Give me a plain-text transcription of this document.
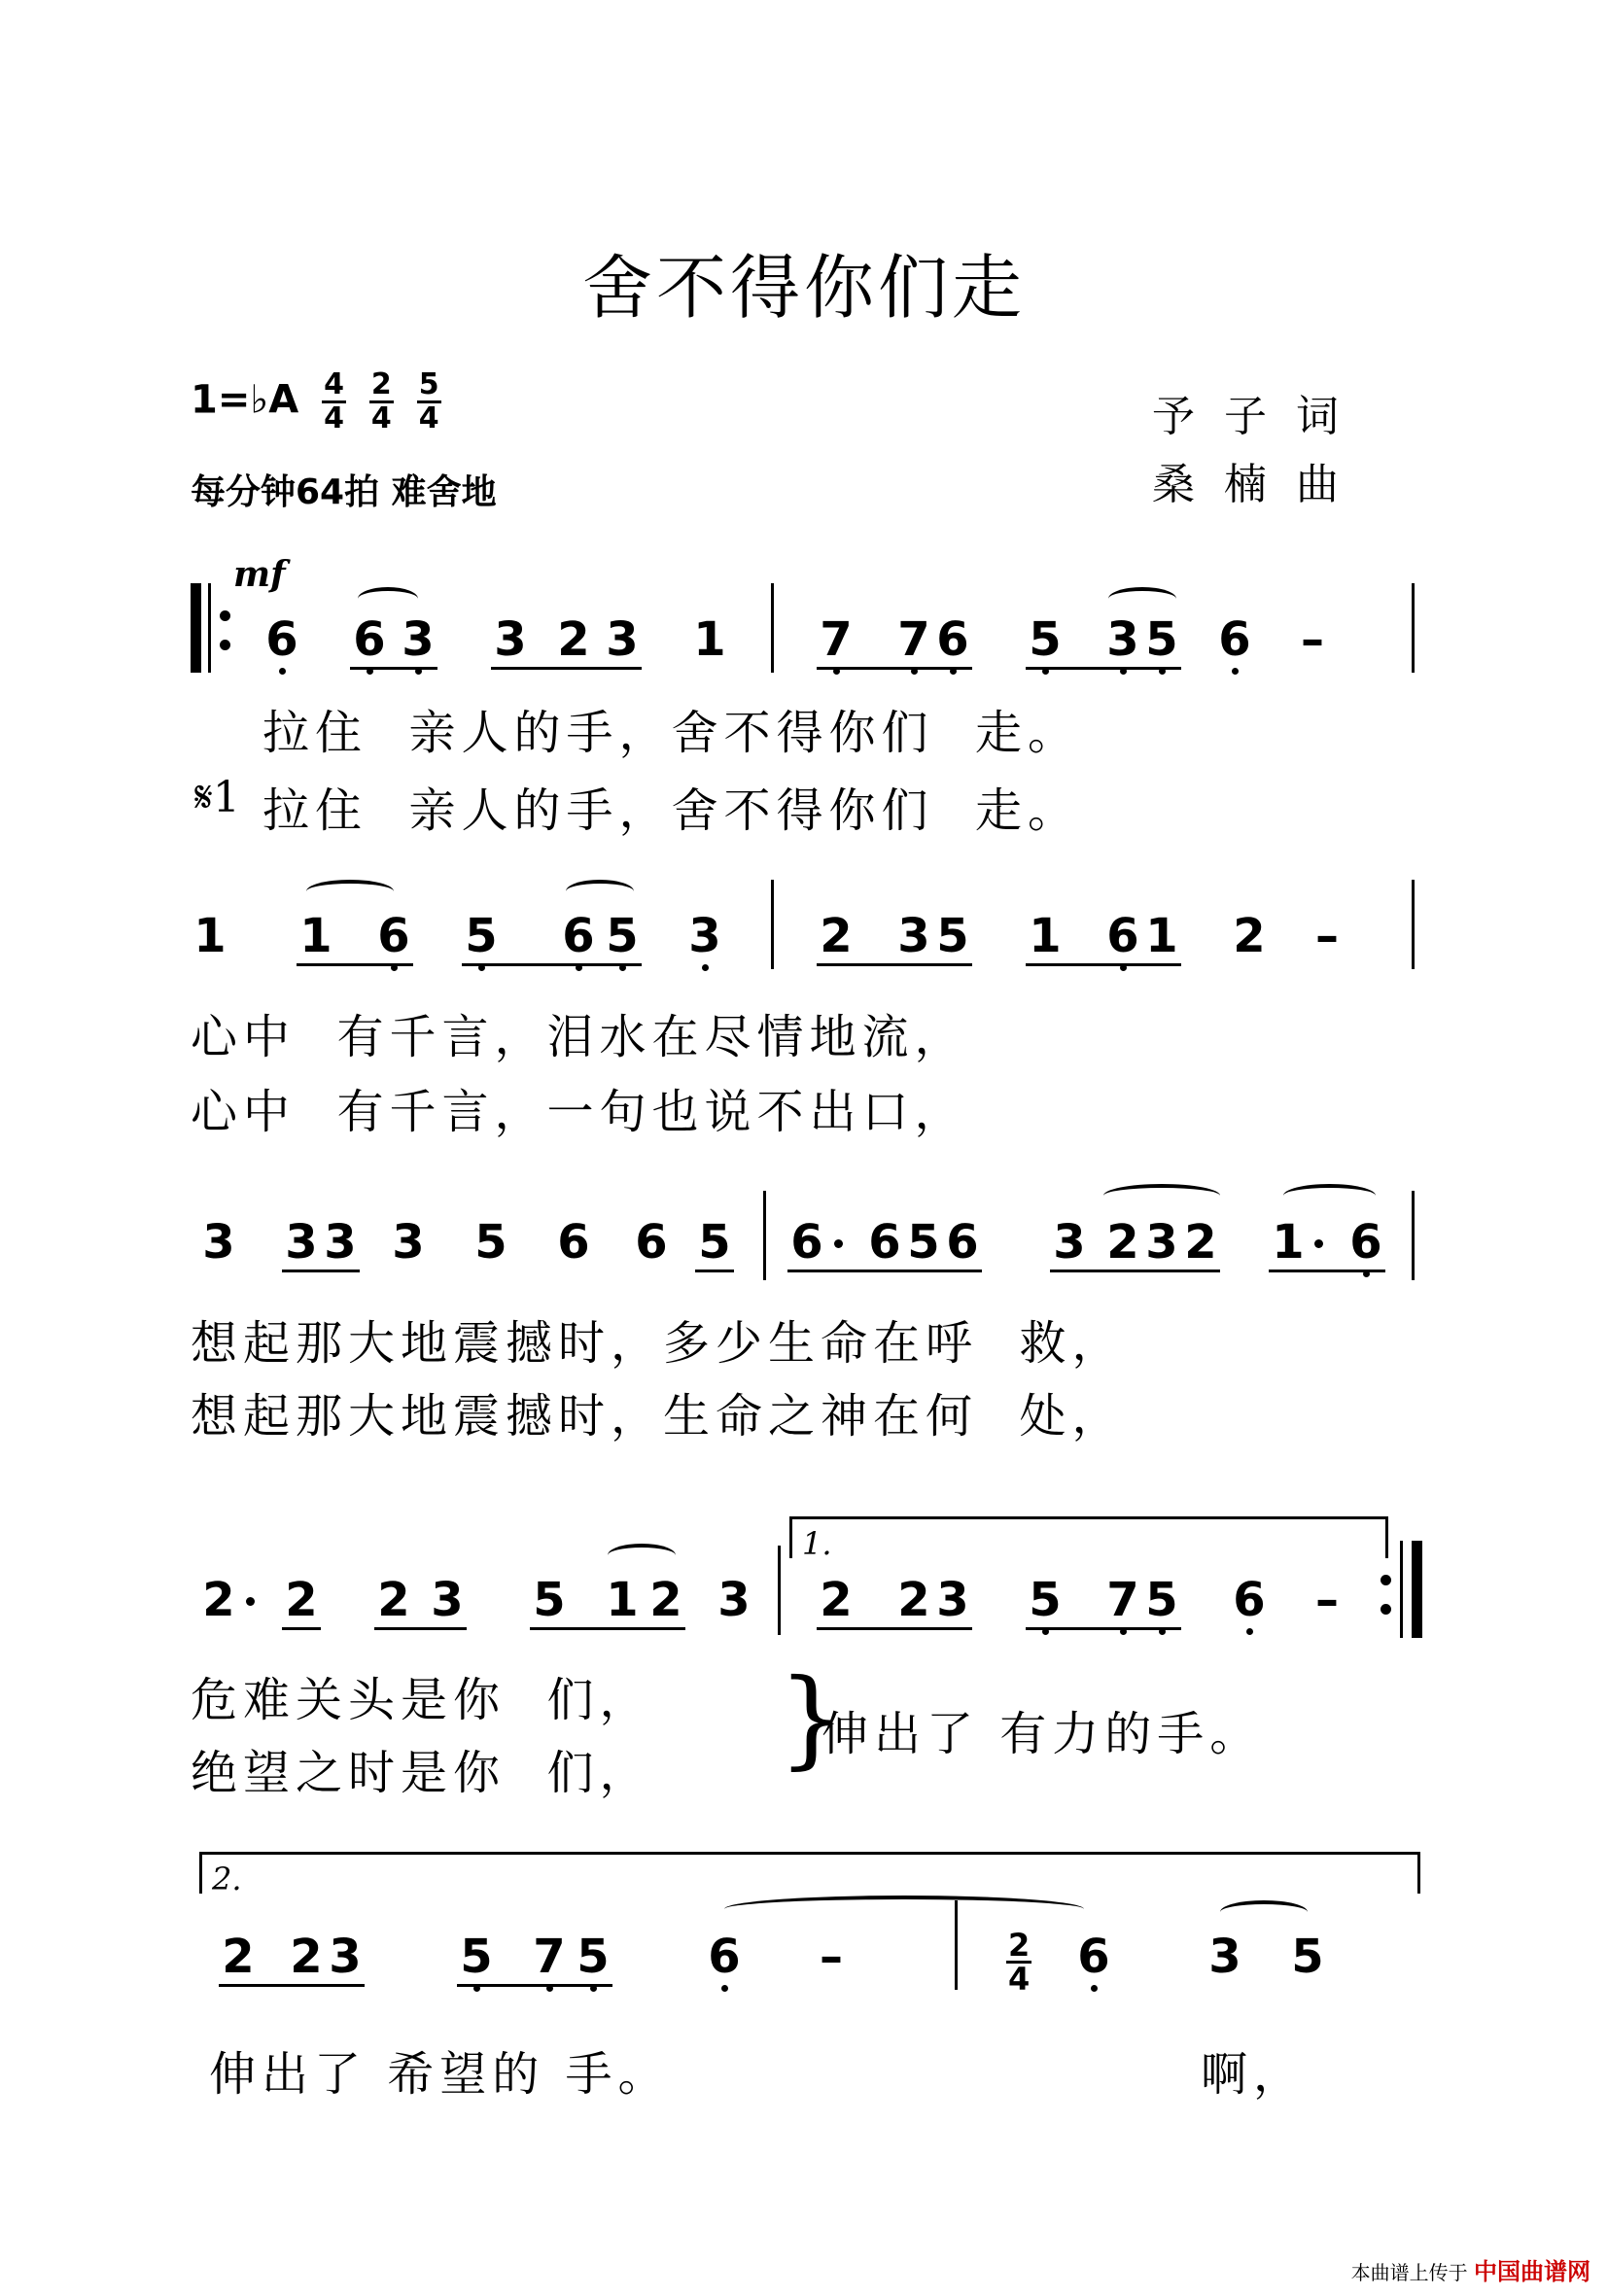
舍不得你们走
1=♭A $\frac{4}{4}$
$\frac{2}{4}$
$\frac{5}{4}$
每分钟64拍 难舍地
予子词
桑楠曲
mf
6 6 3 3 2 3 1 7 7 6 5 3 5 6 –
拉住  亲人的手，舍不得你们  走。
𝄋1 拉住  亲人的手，舍不得你们  走。
1 1 6 5 6 5 3 2 3 5 1 6 1 2 –
心中  有千言，泪水在尽情地流，
心中  有千言，一句也说不出口，
3 3 3 3 5 6 6 5 6 6 5 6 3 2 3 2 1 6
想起那大地震撼时，多少生命在呼  救，
想起那大地震撼时，生命之神在何  处，
2 2 2 3 5 1 2 3
1.
2 2 3 5 7 5 6 –
危难关头是你  们，
绝望之时是你  们， }
伸出了 有力的手。
2.
2 2 3 5 7 5 6 –	$\frac{2}{4} 6$ 3 5
伸出了 希望的 手。	啊，
本曲谱上传于 中国曲谱网
